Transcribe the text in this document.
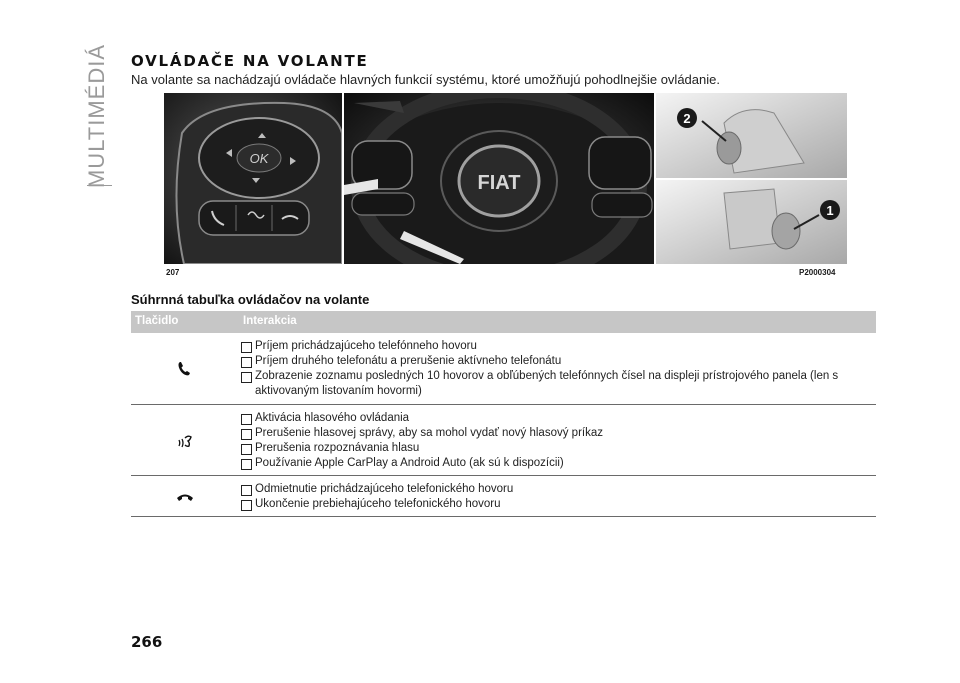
MULTIMÉDIÁ OVLÁDAČE NA VOLANTE
Na volante sa nachádzajú ovládače hlavných funkcií systému, ktoré umožňujú pohodlnejšie ovládanie.
OK
FIAT
2
1
207	P2000304
Súhrnná tabuľka ovládačov na volante
Tlačidlo	Interakcia
Príjem prichádzajúceho telefónneho hovoru
Príjem druhého telefonátu a prerušenie aktívneho telefonátu
Zobrazenie zoznamu posledných 10 hovorov a obľúbených telefónnych čísel na displeji prístrojového panela (len s aktivovaným listovaním hovormi)
Aktivácia hlasového ovládania
Prerušenie hlasovej správy, aby sa mohol vydať nový hlasový príkaz
Prerušenia rozpoznávania hlasu
Používanie Apple CarPlay a Android Auto (ak sú k dispozícii)
Odmietnutie prichádzajúceho telefonického hovoru
Ukončenie prebiehajúceho telefonického hovoru
266
